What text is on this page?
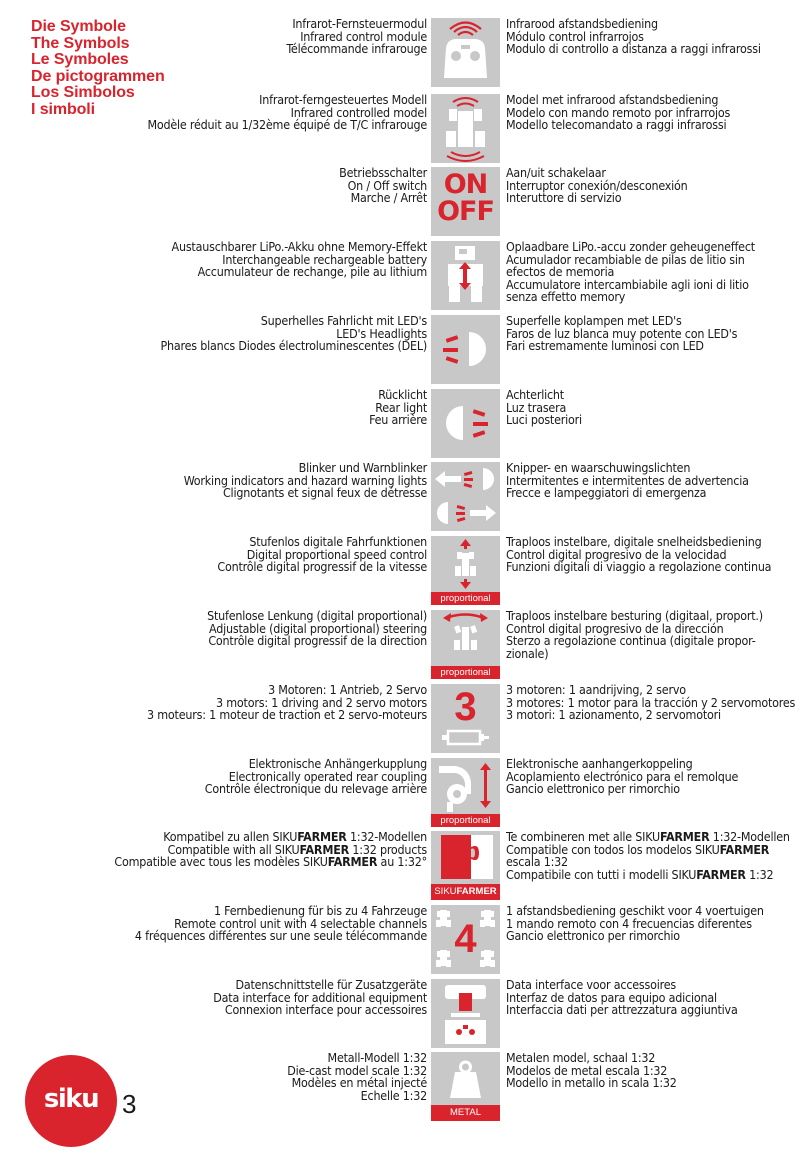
Die Symbole
The Symbols
Le Symboles
De pictogrammen
Los Simbolos
I simboli
Infrarot-Fernsteuermodul
Infrared control module
Télécommande infrarouge
Infrarood afstandsbediening
Módulo control infrarrojos
Modulo di controllo a distanza a raggi infrarossi
Infrarot-ferngesteuertes Modell
Infrared controlled model
Modèle réduit au 1/32ème équipé de T/C infrarouge
Model met infrarood afstandsbediening
Modelo con mando remoto por infrarrojos
Modello telecomandato a raggi infrarossi
Betriebsschalter
On / Off switch
Marche / Arrêt ON
OFF
Aan/uit schakelaar
Interruptor conexión/desconexión
Interuttore di servizio
Austauschbarer LiPo.-Akku ohne Memory-Effekt
Interchangeable rechargeable battery
Accumulateur de rechange, pile au lithium
Oplaadbare LiPo.-accu zonder geheugeneffect
Acumulador recambiable de pilas de litio sin
efectos de memoria
Accumulatore intercambiabile agli ioni di litio
senza effetto memory
Superhelles Fahrlicht mit LED's
LED's Headlights
Phares blancs Diodes électroluminescentes (DEL)
Superfelle koplampen met LED's
Faros de luz blanca muy potente con LED's
Fari estremamente luminosi con LED
Rücklicht
Rear light
Feu arrière
Achterlicht
Luz trasera
Luci posteriori
Blinker und Warnblinker
Working indicators and hazard warning lights
Clignotants et signal feux de détresse
Knipper- en waarschuwingslichten
Intermitentes e intermitentes de advertencia
Frecce e lampeggiatori di emergenza
Stufenlos digitale Fahrfunktionen
Digital proportional speed control
Contrôle digital progressif de la vitesse
proportional
Traploos instelbare, digitale snelheidsbediening
Control digital progresivo de la velocidad
Funzioni digitali di viaggio a regolazione continua
Stufenlose Lenkung (digital proportional)
Adjustable (digital proportional) steering
Contrôle digital progressif de la direction
proportional
Traploos instelbare besturing (digitaal, proport.)
Control digital progresivo de la dirección
Sterzo a regolazione continua (digitale propor-
zionale)
3 Motoren: 1 Antrieb, 2 Servo
3 motors: 1 driving and 2 servo motors
3 moteurs: 1 moteur de traction et 2 servo-moteurs 3	3 motoren: 1 aandrijving, 2 servo
3 motores: 1 motor para la tracción y 2 servomotores
3 motori: 1 azionamento, 2 servomotori
Elektronische Anhängerkupplung
Electronically operated rear coupling
Contrôle électronique du relevage arrière
proportional
Elektronische aanhangerkoppeling
Acoplamiento electrónico para el remolque
Gancio elettronico per rimorchio
Kompatibel zu allen SIKUFARMER 1:32-Modellen
Compatible with all SIKUFARMER 1:32 products
Compatible avec tous les modèles SIKUFARMER au 1:32°
SIKUFARMER
Te combineren met alle SIKUFARMER 1:32-Modellen
Compatible con todos los modelos SIKUFARMER
escala 1:32
Compatibile con tutti i modelli SIKUFARMER 1:32
1 Fernbedienung für bis zu 4 Fahrzeuge
Remote control unit with 4 selectable channels
4 fréquences différentes sur une seule télécommande 4
1 afstandsbediening geschikt voor 4 voertuigen
1 mando remoto con 4 frecuencias diferentes
Gancio elettronico per rimorchio
Datenschnittstelle für Zusatzgeräte
Data interface for additional equipment
Connexion interface pour accessoires
Data interface voor accessoires
Interfaz de datos para equipo adicional
Interfaccia dati per attrezzatura aggiuntiva
Metall-Modell 1:32
Die-cast model scale 1:32
Modèles en métal injecté
Echelle 1:32
METAL
Metalen model, schaal 1:32
Modelos de metal escala 1:32
Modello in metallo in scala 1:32
siku 3
